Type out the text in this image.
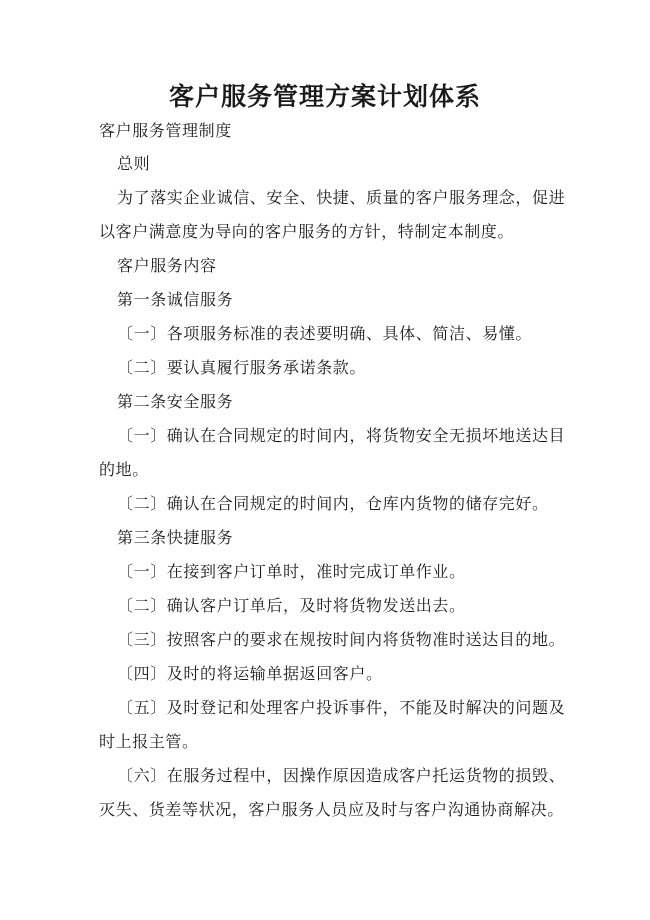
客户服务管理方案计划体系
客户服务管理制度
总则
为了落实企业诚信、安全、快捷、质量的客户服务理念，促进
以客户满意度为导向的客户服务的方针，特制定本制度。
客户服务内容
第一条诚信服务
〔一〕各项服务标准的表述要明确、具体、简洁、易懂。
〔二〕要认真履行服务承诺条款。
第二条安全服务
〔一〕确认在合同规定的时间内，将货物安全无损坏地送达目
的地。
〔二〕确认在合同规定的时间内，仓库内货物的储存完好。
第三条快捷服务
〔一〕在接到客户订单时，准时完成订单作业。
〔二〕确认客户订单后，及时将货物发送出去。
〔三〕按照客户的要求在规按时间内将货物准时送达目的地。
〔四〕及时的将运输单据返回客户。
〔五〕及时登记和处理客户投诉事件，不能及时解决的问题及
时上报主管。
〔六〕在服务过程中，因操作原因造成客户托运货物的损毁、
灭失、货差等状况，客户服务人员应及时与客户沟通协商解决。
